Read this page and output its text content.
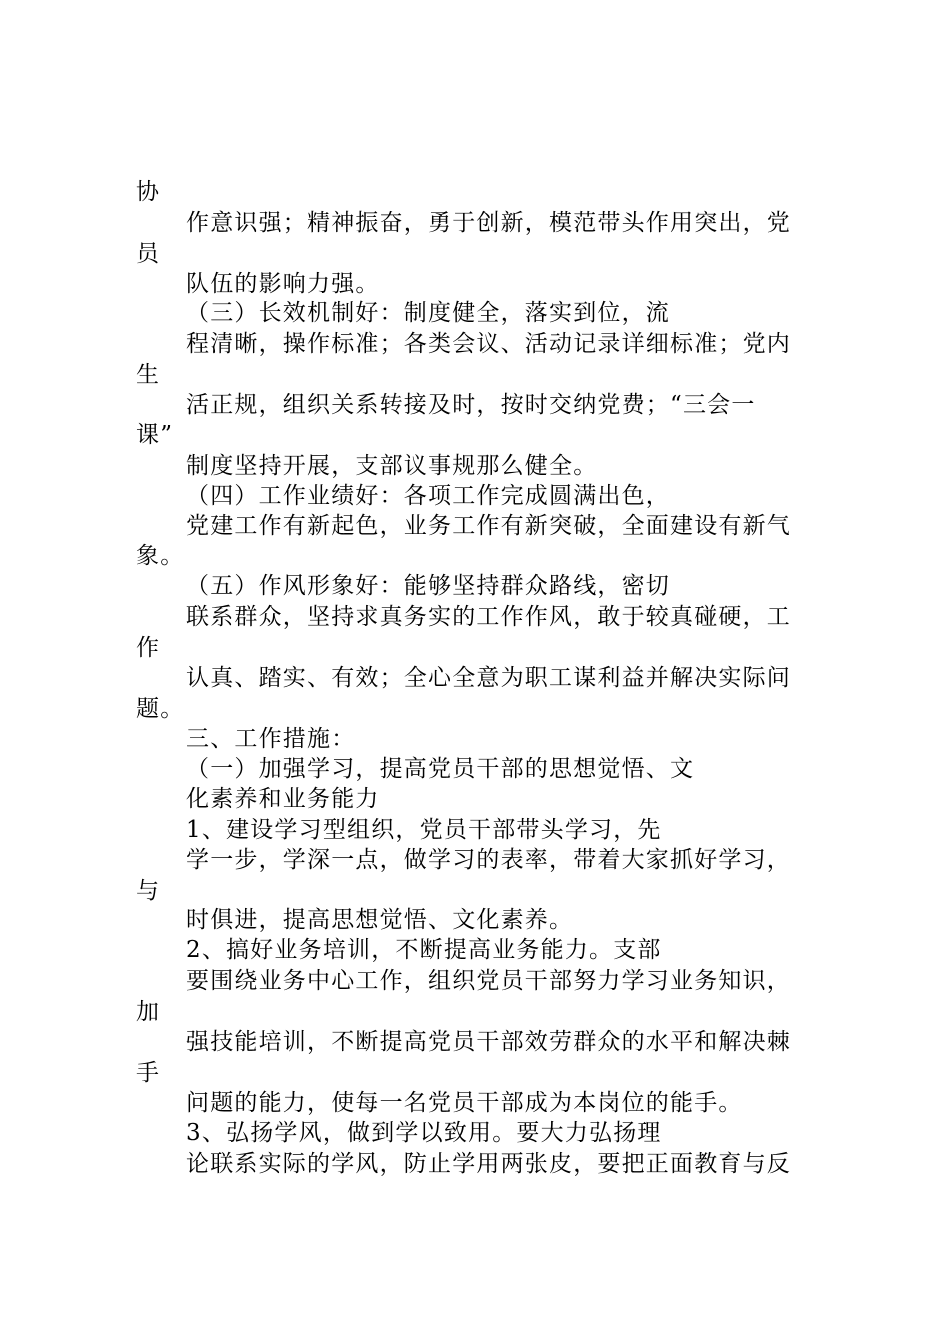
协
作意识强；精神振奋，勇于创新，模范带头作用突出，党
员
队伍的影响力强。
（三）长效机制好：制度健全，落实到位，流
程清晰，操作标准；各类会议、活动记录详细标准；党内
生
活正规，组织关系转接及时，按时交纳党费；“三会一
课”
制度坚持开展，支部议事规那么健全。
（四）工作业绩好：各项工作完成圆满出色，
党建工作有新起色，业务工作有新突破，全面建设有新气
象。
（五）作风形象好：能够坚持群众路线，密切
联系群众，坚持求真务实的工作作风，敢于较真碰硬，工
作
认真、踏实、有效；全心全意为职工谋利益并解决实际问
题。
三、工作措施：
（一）加强学习，提高党员干部的思想觉悟、文
化素养和业务能力
1、建设学习型组织，党员干部带头学习，先
学一步，学深一点，做学习的表率，带着大家抓好学习，
与
时俱进，提高思想觉悟、文化素养。
2、搞好业务培训，不断提高业务能力。支部
要围绕业务中心工作，组织党员干部努力学习业务知识，
加
强技能培训，不断提高党员干部效劳群众的水平和解决棘
手
问题的能力，使每一名党员干部成为本岗位的能手。
3、弘扬学风，做到学以致用。要大力弘扬理
论联系实际的学风，防止学用两张皮，要把正面教育与反
